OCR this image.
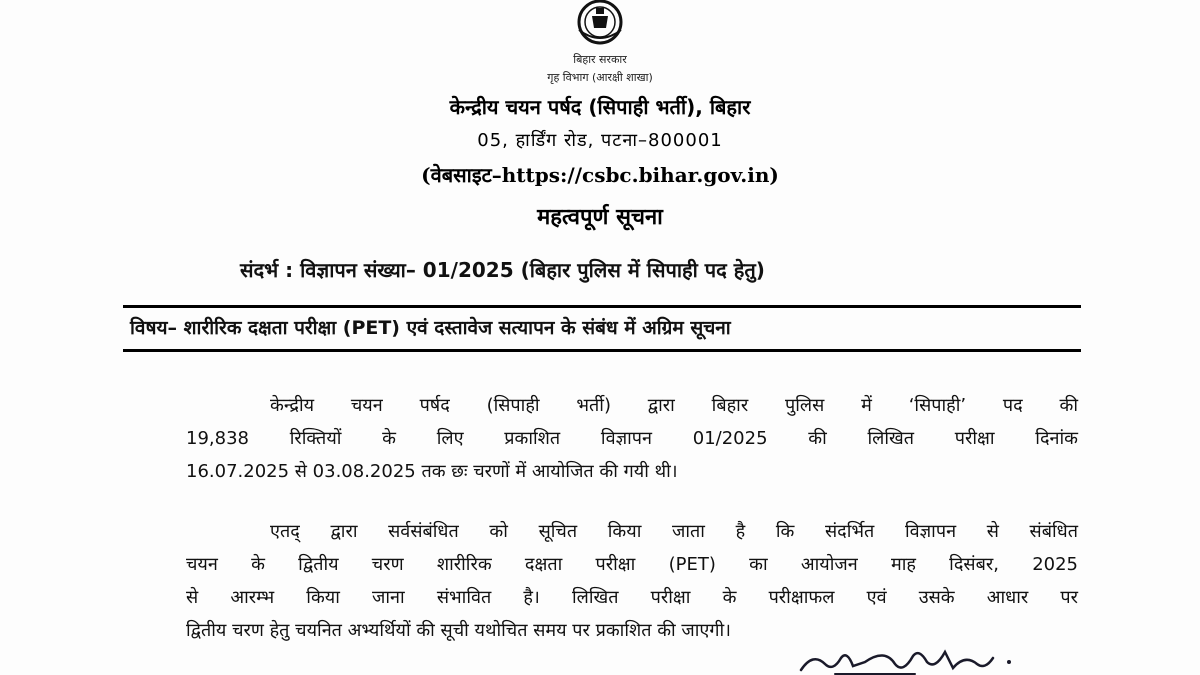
बिहार सरकार
गृह विभाग (आरक्षी शाखा)
केन्द्रीय चयन पर्षद (सिपाही भर्ती), बिहार
05, हार्डिंग रोड, पटना–800001
(वेबसाइट–https://csbc.bihar.gov.in)
महत्वपूर्ण सूचना
संदर्भ : विज्ञापन संख्या– 01/2025 (बिहार पुलिस में सिपाही पद हेतु)
विषय– शारीरिक दक्षता परीक्षा (PET) एवं दस्तावेज सत्यापन के संबंध में अग्रिम सूचना
केन्द्रीय चयन पर्षद (सिपाही भर्ती) द्वारा बिहार पुलिस में ‘सिपाही’ पद की
19,838 रिक्तियों के लिए प्रकाशित विज्ञापन 01/2025 की लिखित परीक्षा दिनांक
16.07.2025 से 03.08.2025 तक छः चरणों में आयोजित की गयी थी।
एतद् द्वारा सर्वसंबंधित को सूचित किया जाता है कि संदर्भित विज्ञापन से संबंधित
चयन के द्वितीय चरण शारीरिक दक्षता परीक्षा (PET) का आयोजन माह दिसंबर, 2025
से आरम्भ किया जाना संभावित है। लिखित परीक्षा के परीक्षाफल एवं उसके आधार पर
द्वितीय चरण हेतु चयनित अभ्यर्थियों की सूची यथोचित समय पर प्रकाशित की जाएगी।
